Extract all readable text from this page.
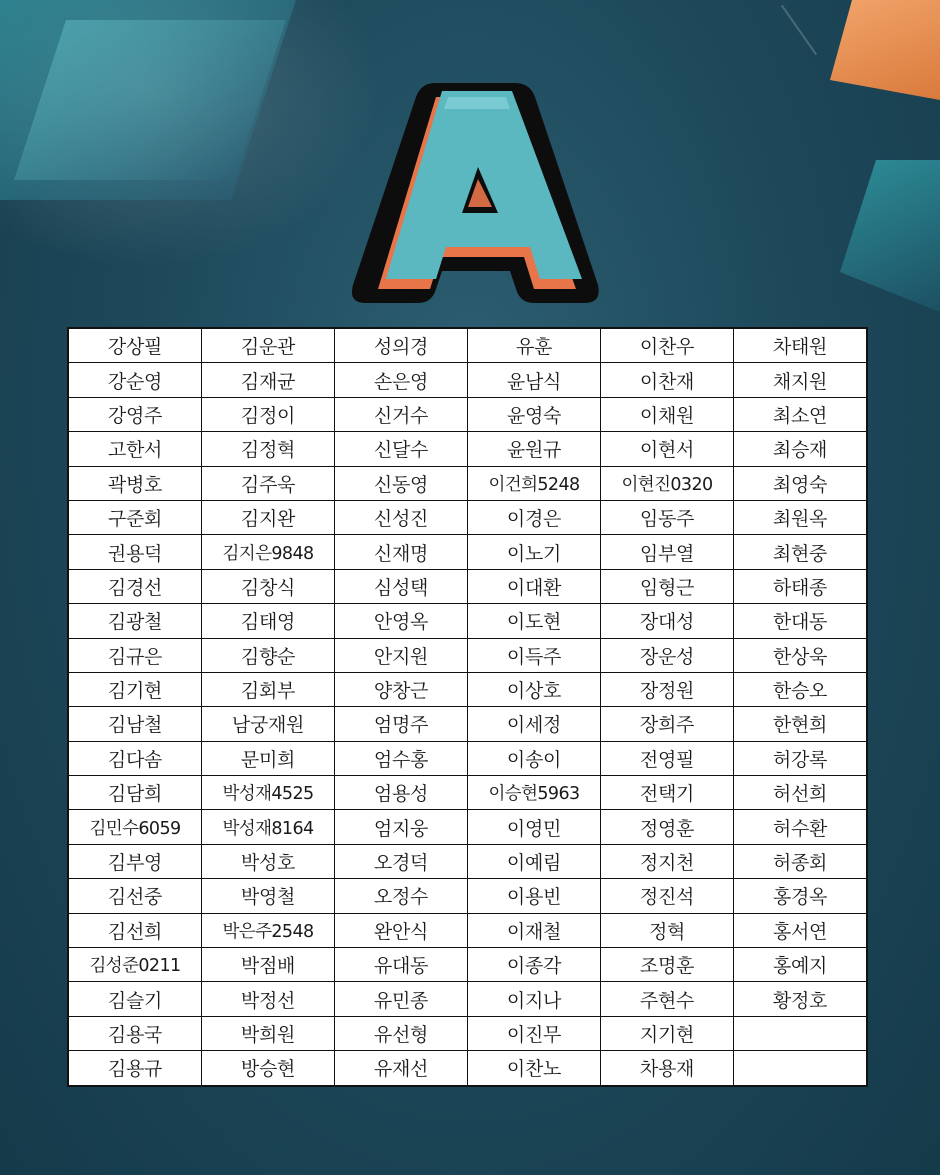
강상필	김운관	성의경	유훈	이찬우	차태원
강순영	김재균	손은영	윤남식	이찬재	채지원
강영주	김정이	신거수	윤영숙	이채원	최소연
고한서	김정혁	신달수	윤원규	이현서	최승재
곽병호	김주욱	신동영	이건희5248	이현진0320	최영숙
구준회	김지완	신성진	이경은	임동주	최원옥
권용덕	김지은9848	신재명	이노기	임부열	최현중
김경선	김창식	심성택	이대환	임형근	하태종
김광철	김태영	안영옥	이도현	장대성	한대동
김규은	김향순	안지원	이득주	장운성	한상욱
김기현	김회부	양창근	이상호	장정원	한승오
김남철	남궁재원	엄명주	이세정	장희주	한현희
김다솜	문미희	엄수홍	이송이	전영필	허강록
김담희	박성재4525	엄용성	이승현5963	전택기	허선희
김민수6059	박성재8164	엄지웅	이영민	정영훈	허수환
김부영	박성호	오경덕	이예림	정지천	허종회
김선중	박영철	오정수	이용빈	정진석	홍경옥
김선희	박은주2548	완안식	이재철	정혁	홍서연
김성준0211	박점배	유대동	이종각	조명훈	홍예지
김슬기	박정선	유민종	이지나	주현수	황정호
김용국	박희원	유선형	이진무	지기현	
김용규	방승현	유재선	이찬노	차용재	
